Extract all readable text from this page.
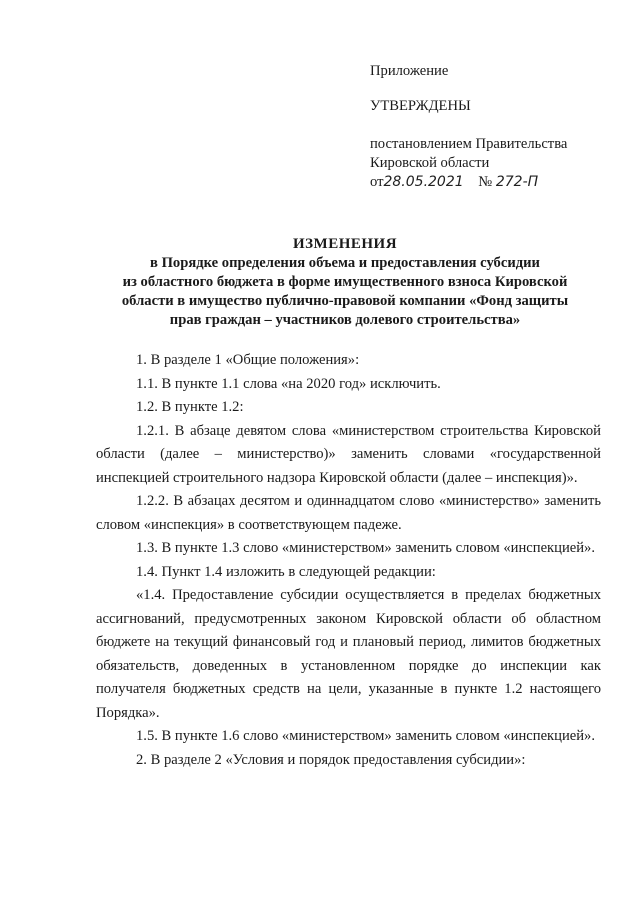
Приложение
УТВЕРЖДЕНЫ
постановлением Правительства
Кировской области
от28.05.2021 № 272-П
ИЗМЕНЕНИЯ
в Порядке определения объема и предоставления субсидии
из областного бюджета в форме имущественного взноса Кировской
области в имущество публично-правовой компании «Фонд защиты
прав граждан – участников долевого строительства»

1. В разделе 1 «Общие положения»:

1.1. В пункте 1.1 слова «на 2020 год» исключить.

1.2. В пункте 1.2:

1.2.1. В абзаце девятом слова «министерством строительства Кировской области (далее – министерство)» заменить словами «государственной инспекцией строительного надзора Кировской области (далее – инспекция)».

1.2.2. В абзацах десятом и одиннадцатом слово «министерство» заменить словом «инспекция» в соответствующем падеже.

1.3. В пункте 1.3 слово «министерством» заменить словом «инспекцией».

1.4. Пункт 1.4 изложить в следующей редакции:

«1.4. Предоставление субсидии осуществляется в пределах бюджетных ассигнований, предусмотренных законом Кировской области об областном бюджете на текущий финансовый год и плановый период, лимитов бюджетных обязательств, доведенных в установленном порядке до инспекции как получателя бюджетных средств на цели, указанные в пункте 1.2 настоящего Порядка».

1.5. В пункте 1.6 слово «министерством» заменить словом «инспекцией».

2. В разделе 2 «Условия и порядок предоставления субсидии»:
